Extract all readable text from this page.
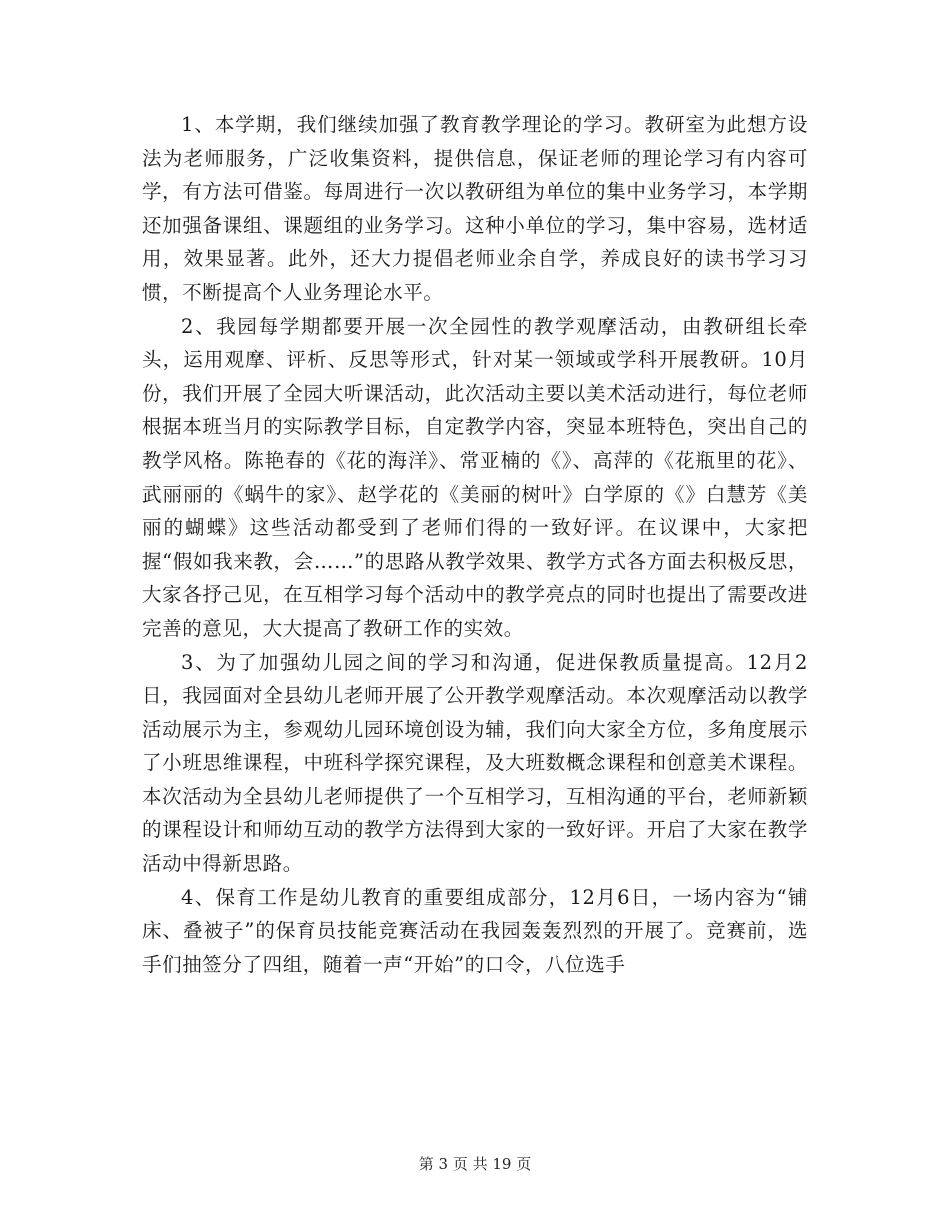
1、本学期，我们继续加强了教育教学理论的学习。教研室为此想方设法为老师服务，广泛收集资料，提供信息，保证老师的理论学习有内容可学，有方法可借鉴。每周进行一次以教研组为单位的集中业务学习，本学期还加强备课组、课题组的业务学习。这种小单位的学习，集中容易，选材适用，效果显著。此外，还大力提倡老师业余自学，养成良好的读书学习习惯，不断提高个人业务理论水平。

2、我园每学期都要开展一次全园性的教学观摩活动，由教研组长牵头，运用观摩、评析、反思等形式，针对某一领域或学科开展教研。10月份，我们开展了全园大听课活动，此次活动主要以美术活动进行，每位老师根据本班当月的实际教学目标，自定教学内容，突显本班特色，突出自己的教学风格。陈艳春的《花的海洋》、常亚楠的《》、高萍的《花瓶里的花》、武丽丽的《蜗牛的家》、赵学花的《美丽的树叶》白学原的《》白慧芳《美丽的蝴蝶》这些活动都受到了老师们得的一致好评。在议课中，大家把握“假如我来教，会……”的思路从教学效果、教学方式各方面去积极反思，大家各抒己见，在互相学习每个活动中的教学亮点的同时也提出了需要改进完善的意见，大大提高了教研工作的实效。

3、为了加强幼儿园之间的学习和沟通，促进保教质量提高。12月2日，我园面对全县幼儿老师开展了公开教学观摩活动。本次观摩活动以教学活动展示为主，参观幼儿园环境创设为辅，我们向大家全方位，多角度展示了小班思维课程，中班科学探究课程，及大班数概念课程和创意美术课程。本次活动为全县幼儿老师提供了一个互相学习，互相沟通的平台，老师新颖的课程设计和师幼互动的教学方法得到大家的一致好评。开启了大家在教学活动中得新思路。

4、保育工作是幼儿教育的重要组成部分，12月6日，一场内容为“铺床、叠被子”的保育员技能竞赛活动在我园轰轰烈烈的开展了。竞赛前，选手们抽签分了四组，随着一声“开始”的口令，八位选手

第 3 页 共 19 页
